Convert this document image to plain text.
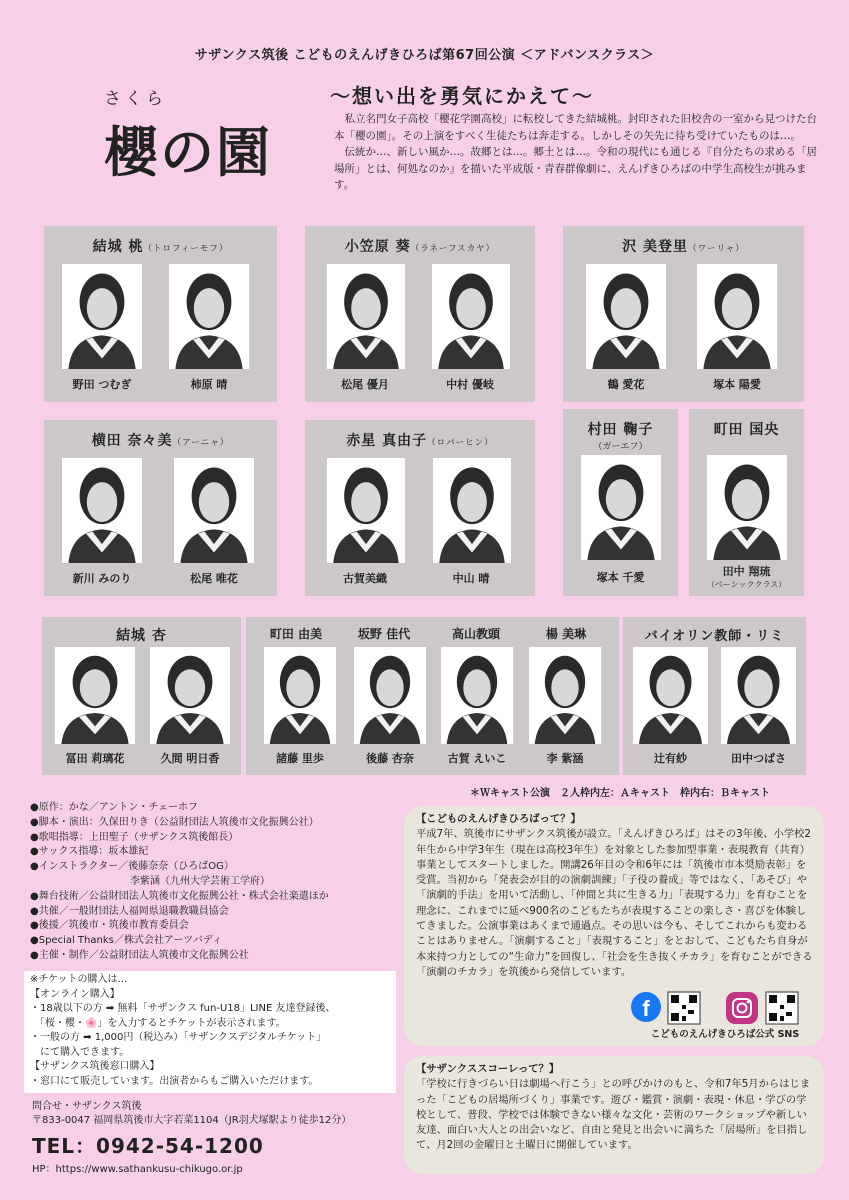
サザンクス筑後 こどものえんげきひろば第67回公演 ＜アドバンスクラス＞
さくら
櫻の園
～想い出を勇気にかえて～

私立名門女子高校「櫻花学園高校」に転校してきた結城桃。封印された旧校舎の一室から見つけた台本「櫻の園」。その上演をすべく生徒たちは奔走する。しかしその矢先に待ち受けていたものは…。

伝統か…、新しい風か…。故郷とは…。郷土とは…。令和の現代にも通じる『自分たちの求める「居場所」とは、何処なのか』を描いた平成版・青春群像劇に、えんげきひろばの中学生高校生が挑みます。

結城 桃（トロフィーモフ）
野田 つむぎ	柿原 晴
小笠原 葵（ラネーフスカヤ）
松尾 優月	中村 優岐
沢 美登里（ワーリャ）
鶴 愛花	塚本 陽愛
横田 奈々美（アーニャ）
新川 みのり	松尾 唯花
赤星 真由子（ロパーヒン）
古賀美織	中山 晴
村田 鞠子
（ガーエフ）
塚本 千愛
町田 国央
田中 翔琉
（ベーシッククラス）
結城 杏
冨田 莉璃花	久間 明日香
町田 由美	坂野 佳代	高山教頭	楊 美琳
諸藤 里歩	後藤 杏奈	古賀 えいこ	李 紫涵
バイオリン教師・リミ
辻有紗	田中つばさ
＊Ｗキャスト公演　２人枠内左：Ａキャスト　枠内右：Ｂキャスト
●原作：かな／アントン・チェーホフ
●脚本・演出：久保田りき（公益財団法人筑後市文化振興公社）
●歌唱指導：上田聖子（サザンクス筑後館長）
●サックス指導：坂本雄紀
●インストラクター／後藤奈奈（ひろばOG）
　　　　　　　　　　李紫涵（九州大学芸術工学府）
●舞台技術／公益財団法人筑後市文化振興公社・株式会社楽遣ほか
●共催／一般財団法人福岡県退職教職員協会
●後援／筑後市・筑後市教育委員会
●Special Thanks／株式会社アーツバディ
●主催・制作／公益財団法人筑後市文化振興公社
※チケットの購入は…
【オンライン購入】
・18歳以下の方 ➡ 無料「サザンクス fun-U18」LINE 友達登録後、
　「桜・櫻・🌸」を入力するとチケットが表示されます。
・一般の方 ➡ 1,000円（税込み）「サザンクスデジタルチケット」
　にて購入できます。
【サザンクス筑後窓口購入】
・窓口にて販売しています。出演者からもご購入いただけます。
問合せ・サザンクス筑後
〒833-0047 福岡県筑後市大字若菜1104（JR羽犬塚駅より徒歩12分）
TEL：0942-54-1200
HP：https://www.sathankusu-chikugo.or.jp
【こどものえんげきひろばって？】
平成7年、筑後市にサザンクス筑後が設立。「えんげきひろば」はその3年後、小学校2年生から中学3年生（現在は高校3年生）を対象とした参加型事業・表現教育（共育）事業としてスタートしました。開講26年目の令和6年には「筑後市市本奨励表彰」を受賞。当初から「発表会が目的の演劇訓練」「子役の養成」等ではなく、「あそび」や「演劇的手法」を用いて活動し、「仲間と共に生きる力」「表現する力」を育むことを理念に、これまでに延べ900名のこどもたちが表現することの楽しさ・喜びを体験してきました。公演事業はあくまで通過点。その思いは今も、そしてこれからも変わることはありません。「演劇すること」「表現すること」をとおして、こどもたち自身が本来持つ力としての“生命力”を回復し、「社会を生き抜くチカラ」を育むことができる「演劇のチカラ」を筑後から発信しています。
f
こどものえんげきひろば公式 SNS
【サザンクススコーレって？】
「学校に行きづらい日は劇場へ行こう」との呼びかけのもと、令和7年5月からはじまった「こどもの居場所づくり」事業です。遊び・鑑賞・演劇・表現・休息・学びの学校として、普段、学校では体験できない様々な文化・芸術のワークショップや新しい友達、面白い大人との出会いなど、自由と発見と出会いに満ちた「居場所」を目指して、月2回の金曜日と土曜日に開催しています。
